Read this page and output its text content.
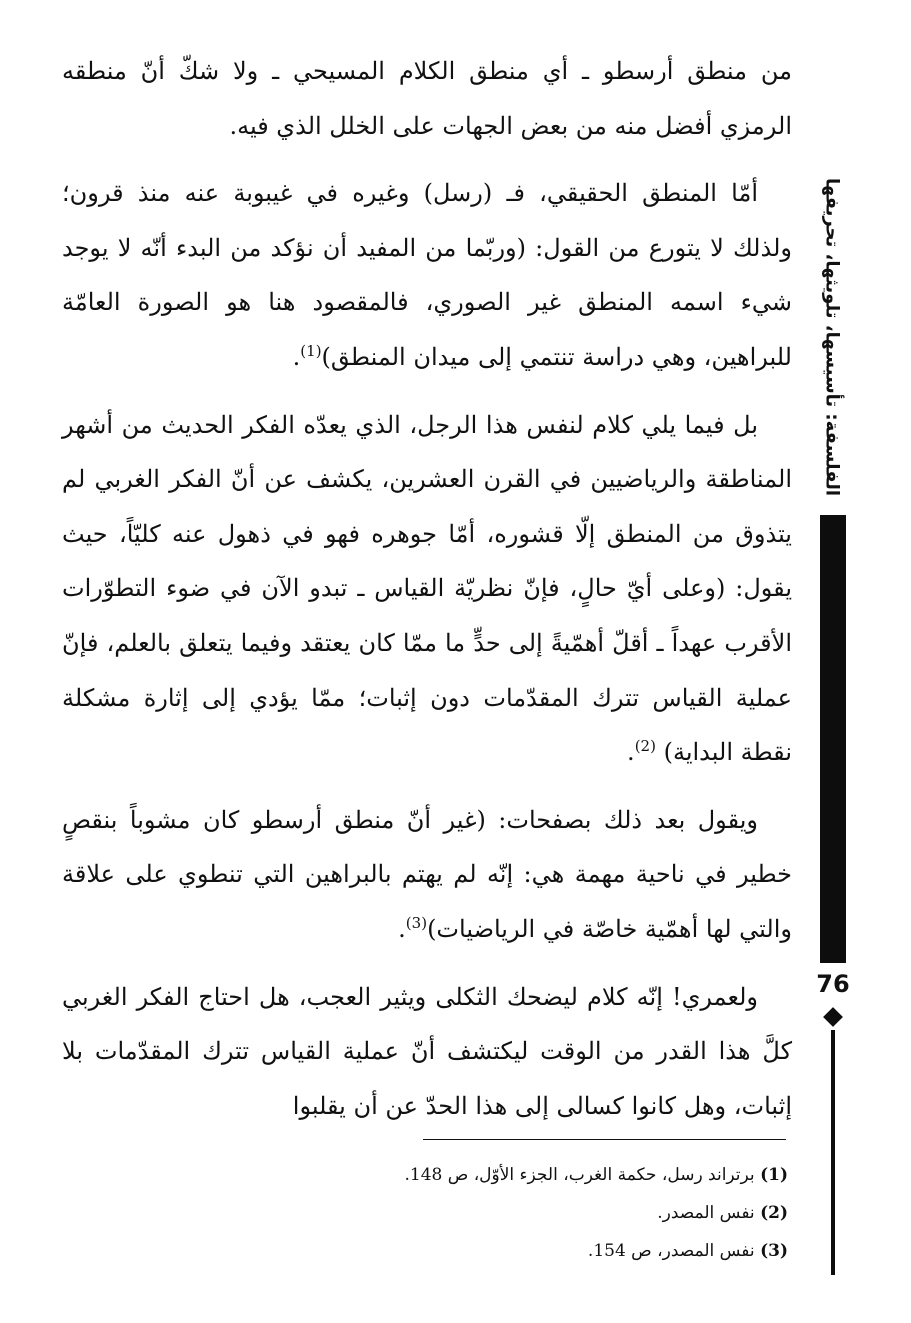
من منطق أرسطو ـ أي منطق الكلام المسيحي ـ ولا شكّ أنّ منطقه الرمزي أفضل منه من بعض الجهات على الخلل الذي فيه.

أمّا المنطق الحقيقي، فـ (رسل) وغيره في غيبوبة عنه منذ قرون؛ ولذلك لا يتورع من القول: (وربّما من المفيد أن نؤكد من البدء أنّه لا يوجد شيء اسمه المنطق غير الصوري، فالمقصود هنا هو الصورة العامّة للبراهين، وهي دراسة تنتمي إلى ميدان المنطق)$^{(1)}$.

بل فيما يلي كلام لنفس هذا الرجل، الذي يعدّه الفكر الحديث من أشهر المناطقة والرياضيين في القرن العشرين، يكشف عن أنّ الفكر الغربي لم يتذوق من المنطق إلّا قشوره، أمّا جوهره فهو في ذهول عنه كليّاً، حيث يقول: (وعلى أيّ حالٍ، فإنّ نظريّة القياس ـ تبدو الآن في ضوء التطوّرات الأقرب عهداً ـ أقلّ أهمّيةً إلى حدٍّ ما ممّا كان يعتقد وفيما يتعلق بالعلم، فإنّ عملية القياس تترك المقدّمات دون إثبات؛ ممّا يؤدي إلى إثارة مشكلة نقطة البداية) $^{(2)}$.

ويقول بعد ذلك بصفحات: (غير أنّ منطق أرسطو كان مشوباً بنقصٍ خطير في ناحية مهمة هي: إنّه لم يهتم بالبراهين التي تنطوي على علاقة والتي لها أهمّية خاصّة في الرياضيات)$^{(3)}$.

ولعمري! إنّه كلام ليضحك الثكلى ويثير العجب، هل احتاج الفكر الغربي كلَّ هذا القدر من الوقت ليكتشف أنّ عملية القياس تترك المقدّمات بلا إثبات، وهل كانوا كسالى إلى هذا الحدّ عن أن يقلبوا

(1) برتراند رسل، حكمة الغرب، الجزء الأوّل، ص 148.
(2) نفس المصدر.
(3) نفس المصدر، ص 154.
الفلسفة: تأسيسها، تلويثها، تحريفها
76
